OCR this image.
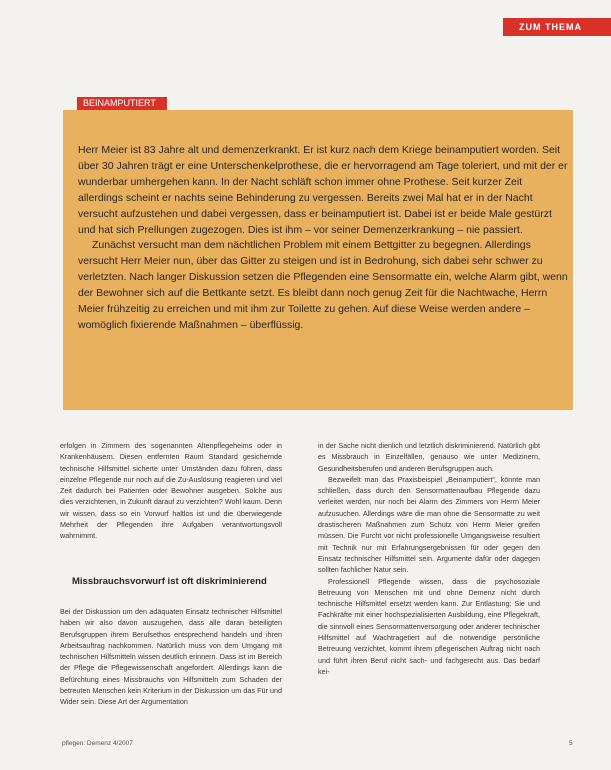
ZUM THEMA
BEINAMPUTIERT

Herr Meier ist 83 Jahre alt und demenzerkrankt. Er ist kurz nach dem Kriege beinamputiert worden. Seit über 30 Jahren trägt er eine Unterschenkelprothese, die er hervorragend am Tage toleriert, und mit der er wunderbar umhergehen kann. In der Nacht schläft schon immer ohne Prothese. Seit kurzer Zeit allerdings scheint er nachts seine Behinderung zu vergessen. Bereits zwei Mal hat er in der Nacht versucht aufzustehen und dabei vergessen, dass er beinamputiert ist. Dabei ist er beide Male gestürzt und hat sich Prellungen zugezogen. Dies ist ihm – vor seiner Demenzerkrankung – nie passiert.

Zunächst versucht man dem nächtlichen Problem mit einem Bettgitter zu begegnen. Allerdings versucht Herr Meier nun, über das Gitter zu steigen und ist in Bedrohung, sich dabei sehr schwer zu verletzten. Nach langer Diskussion setzen die Pflegenden eine Sensormatte ein, welche Alarm gibt, wenn der Bewohner sich auf die Bettkante setzt. Es bleibt dann noch genug Zeit für die Nachtwache, Herrn Meier frühzeitig zu erreichen und mit ihm zur Toilette zu gehen. Auf diese Weise werden andere – womöglich fixierende Maßnahmen – überflüssig.

erfolgen in Zimmern des sogenannten Altenpflegeheims oder in Krankenhäusern. Diesen entfernten Raum Standard gesichernde technische Hilfsmittel sicherte unter Umständen dazu führen, dass einzelne Pflegende nur noch auf die Zu-Auslösung reagieren und viel Zeit dadurch bei Patienten oder Bewohner ausgeben. Solche aus dies verzichtenen, in Zukunft darauf zu verzichten? Wohl kaum. Denn wir wissen, dass so ein Vorwurf haltlos ist und die überwiegende Mehrheit der Pflegenden ihre Aufgaben verantwortungsvoll wahrnimmt.

Missbrauchsvorwurf ist oft diskriminierend

Bei der Diskussion um den adäquaten Einsatz technischer Hilfsmittel haben wir also davon auszugehen, dass alle daran beteiligten Berufsgruppen ihrem Berufsethos entsprechend handeln und ihren Arbeitsauftrag nachkommen. Natürlich muss von dem Umgang mit technischen Hilfsmitteln wissen deutlich erinnern. Dass ist im Bereich der Pflege die Pflegewissenschaft angefordert. Allerdings kann die Befürchtung eines Missbrauchs von Hilfsmitteln zum Schaden der betreuten Menschen kein Kriterium in der Diskussion um das Für und Wider sein. Diese Art der Argumentation

in der Sache nicht dienlich und letztlich diskriminierend. Natürlich gibt es Missbrauch in Einzelfällen, genauso wie unter Medizinern, Gesundheitsberufen und anderen Berufsgruppen auch.

Bezweifelt man das Praxisbeispiel „Beinamputiert“, könnte man schließen, dass durch den Sensormattenaufbau Pflegende dazu verleitet werden, nur noch bei Alarm des Zimmers von Herrn Meier aufzusuchen. Allerdings wäre die man ohne die Sensormatte zu weit drastischeren Maßnahmen zum Schutz von Herrn Meier greifen müssen. Die Furcht vor nicht professionelle Umgangsweise resultiert mit Technik nur mit Erfahrungsergebnissen für oder gegen den Einsatz technischer Hilfsmittel sein. Argumente dafür oder dagegen sollten fachlicher Natur sein.

Professionell Pflegende wissen, dass die psychosoziale Betreuung von Menschen mit und ohne Demenz nicht durch technische Hilfsmittel ersetzt werden kann. Zur Entlastung: Sie und Fachkräfte mit einer hochspezialisierten Ausbildung, eine Pflegekraft, die sinnvoll eines Sensormattenversorgung oder anderer technischer Hilfsmittel auf Wachtragetiert auf die notwendige persönliche Betreuung verzichtet, kommt ihrem pflegerischen Auftrag nicht nach und führt ihren Beruf nicht sach- und fachgerecht aus. Das bedarf kei-

pflegen: Demenz 4/2007	5
